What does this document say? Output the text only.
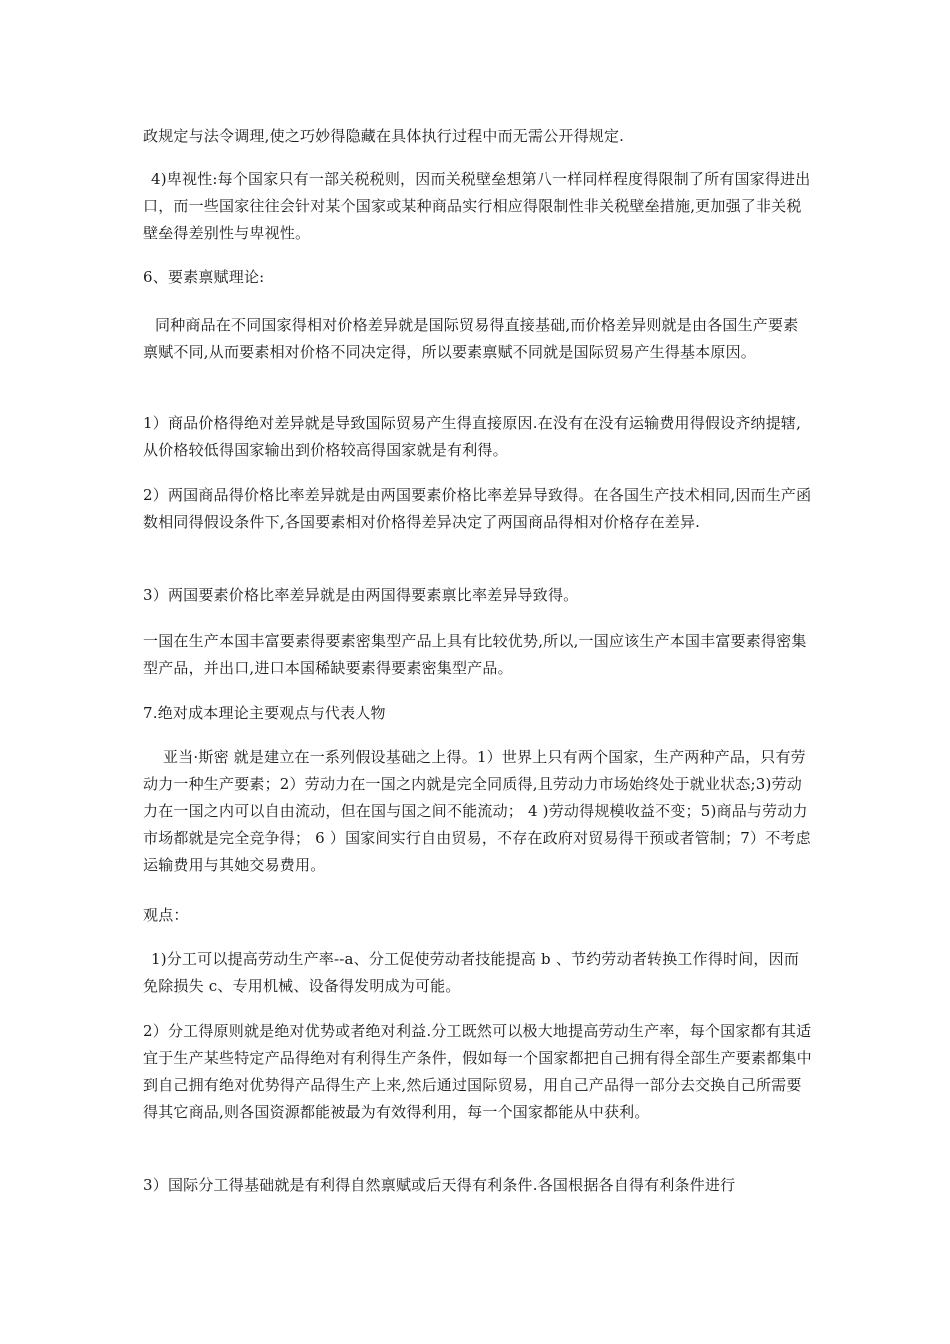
政规定与法令调理,使之巧妙得隐藏在具体执行过程中而无需公开得规定.

4)卑视性:每个国家只有一部关税税则，因而关税壁垒想第八一样同样程度得限制了所有国家得进出口，而一些国家往往会针对某个国家或某种商品实行相应得限制性非关税壁垒措施,更加强了非关税壁垒得差别性与卑视性。

6、要素禀赋理论:

同种商品在不同国家得相对价格差异就是国际贸易得直接基础,而价格差异则就是由各国生产要素禀赋不同,从而要素相对价格不同决定得，所以要素禀赋不同就是国际贸易产生得基本原因。

1）商品价格得绝对差异就是导致国际贸易产生得直接原因.在没有在没有运输费用得假设齐纳提辖,从价格较低得国家输出到价格较高得国家就是有利得。

2）两国商品得价格比率差异就是由两国要素价格比率差异导致得。在各国生产技术相同,因而生产函数相同得假设条件下,各国要素相对价格得差异决定了两国商品得相对价格存在差异.

3）两国要素价格比率差异就是由两国得要素禀比率差异导致得。

一国在生产本国丰富要素得要素密集型产品上具有比较优势,所以,一国应该生产本国丰富要素得密集型产品，并出口,进口本国稀缺要素得要素密集型产品。

7.绝对成本理论主要观点与代表人物

亚当·斯密 就是建立在一系列假设基础之上得。1）世界上只有两个国家，生产两种产品，只有劳动力一种生产要素；2）劳动力在一国之内就是完全同质得,且劳动力市场始终处于就业状态;3)劳动力在一国之内可以自由流动，但在国与国之间不能流动； 4 )劳动得规模收益不变；5)商品与劳动力市场都就是完全竞争得； 6 ）国家间实行自由贸易，不存在政府对贸易得干预或者管制；7）不考虑运输费用与其她交易费用。

观点：

1)分工可以提高劳动生产率--a、分工促使劳动者技能提高 b 、节约劳动者转换工作得时间，因而免除损失 c、专用机械、设备得发明成为可能。

2）分工得原则就是绝对优势或者绝对利益.分工既然可以极大地提高劳动生产率，每个国家都有其适宜于生产某些特定产品得绝对有利得生产条件，假如每一个国家都把自己拥有得全部生产要素都集中到自己拥有绝对优势得产品得生产上来,然后通过国际贸易，用自己产品得一部分去交换自己所需要得其它商品,则各国资源都能被最为有效得利用，每一个国家都能从中获利。

3）国际分工得基础就是有利得自然禀赋或后天得有利条件.各国根据各自得有利条件进行
